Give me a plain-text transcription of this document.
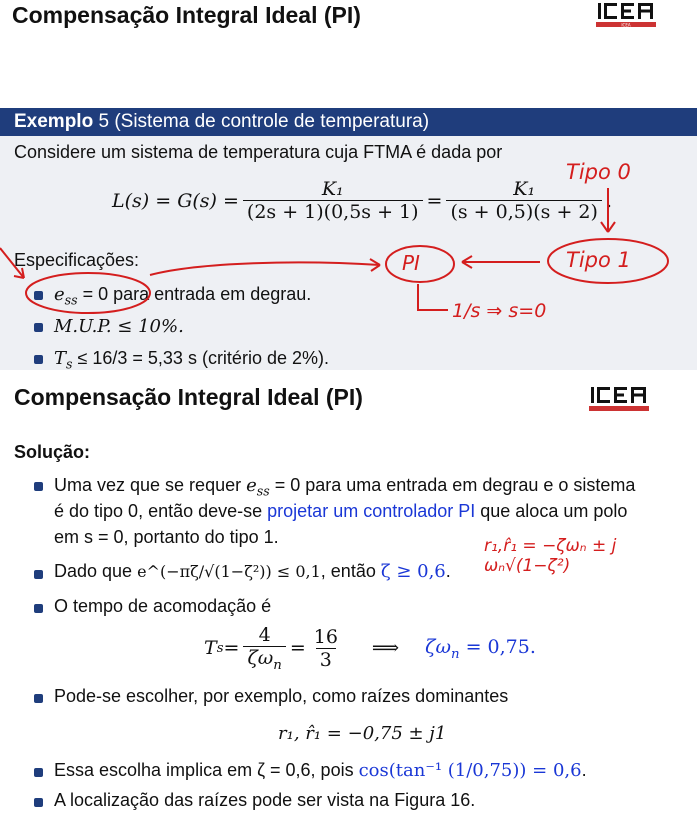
Compensação Integral Ideal (PI)	ICEA
Exemplo 5 (Sistema de controle de temperatura)
Considere um sistema de temperatura cuja FTMA é dada por
$L(s) = G(s) = \frac{\text{K₁}}{(2s + 1)(0,5s + 1)} = \frac{\text{K₁}}{(s + 0,5)(s + 2)}$ .
Especificações:
$e_{ss} = 0$ para entrada em degrau.
M.U.P. ≤ 10%.
$T_s \le 16/3 = 5,33$ s (critério de 2%).
Tipo 0
Tipo 1
PI
1/s ⇒ s=0
Compensação Integral Ideal (PI)
Solução:
Uma vez que se requer $e_{ss} = 0$ para uma entrada em degrau e o sistema
é do tipo 0, então deve-se projetar um controlador PI que aloca um polo
em s = 0, portanto do tipo 1.
Dado que e^(−πζ/√(1−ζ²)) ≤ 0,1, então ζ ≥ 0,6.
r₁,r̂₁ = −ζωₙ ± j ωₙ√(1−ζ²)
O tempo de acomodação é
T $s = \frac{4}{\zeta\omega_n} = \frac{16}{3}$ ⟹ $\zeta\omega_n = 0,75$.
Pode-se escolher, por exemplo, como raízes dominantes
r₁, r̂₁ = −0,75 ± j1
Essa escolha implica em ζ = 0,6, pois cos(tan⁻¹ (1/0,75)) = 0,6.
A localização das raízes pode ser vista na Figura 16.
